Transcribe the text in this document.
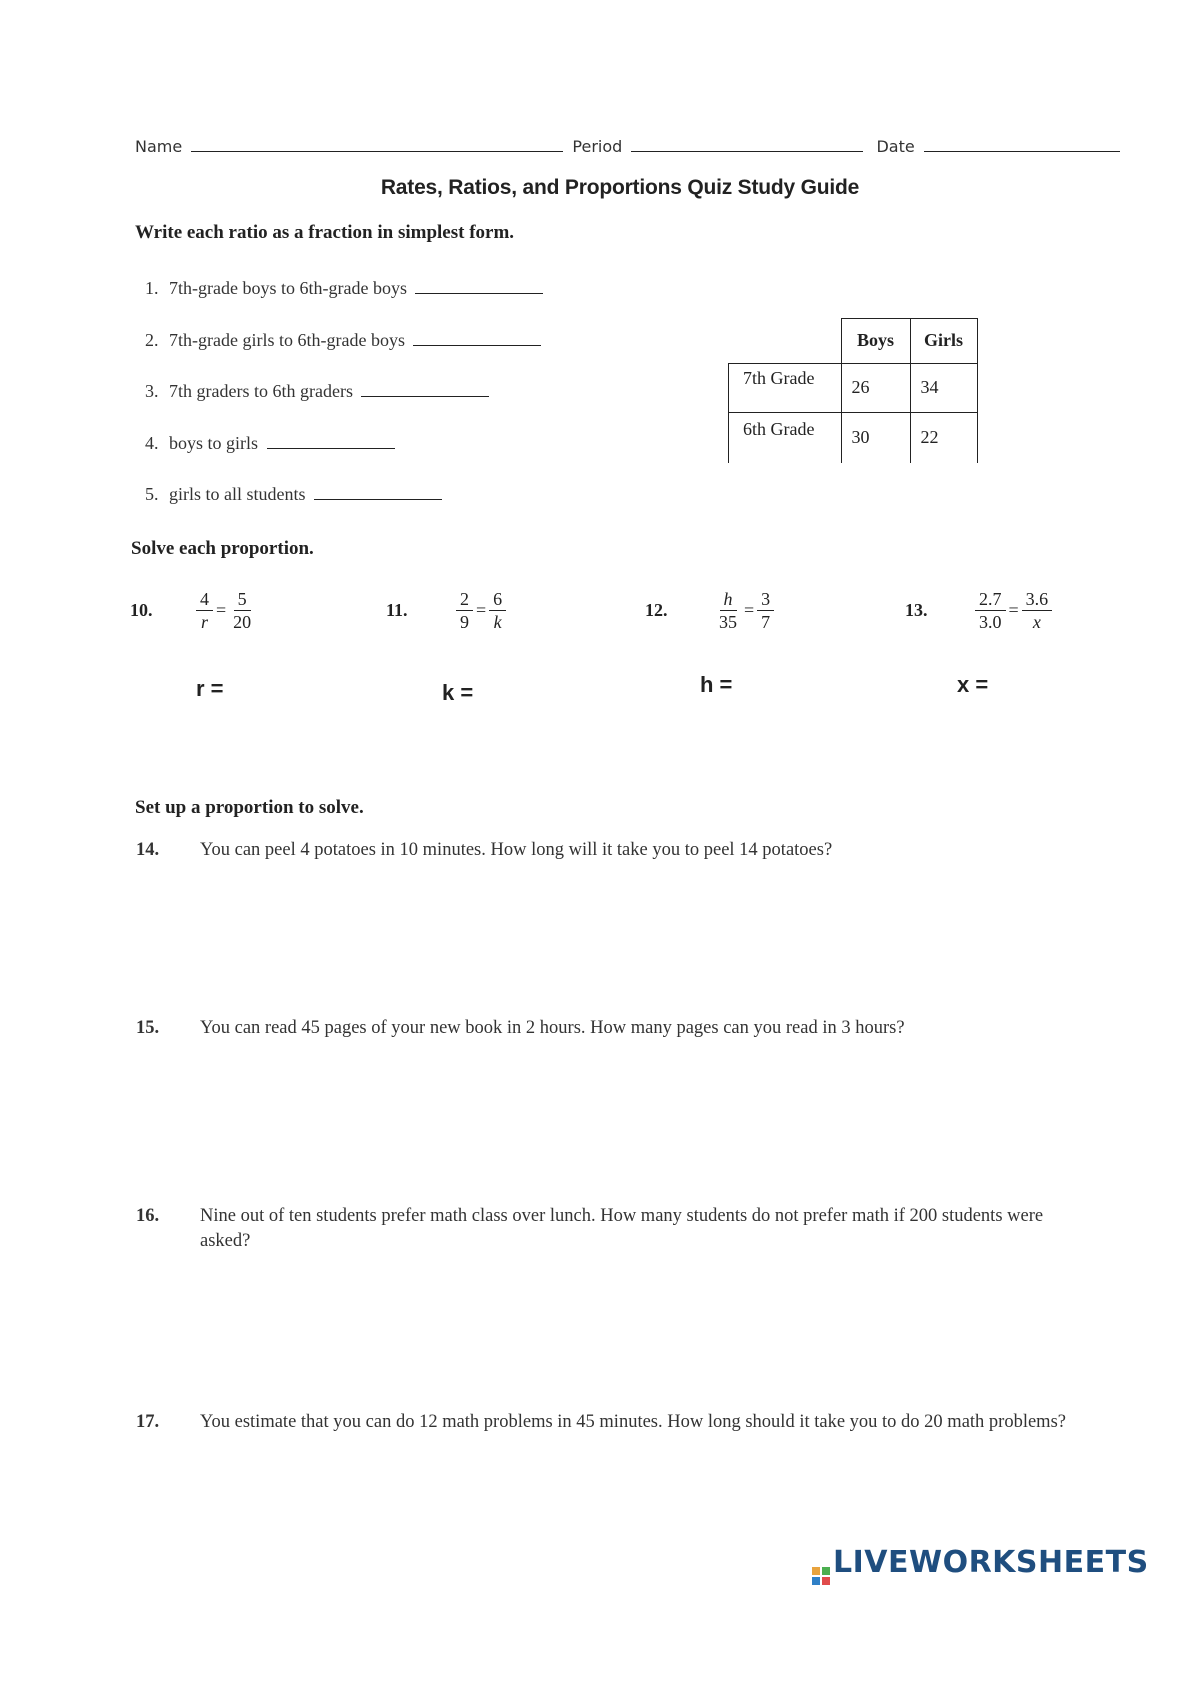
Name	Period	Date
Rates, Ratios, and Proportions Quiz Study Guide
Write each ratio as a fraction in simplest form.
1. 7th-grade boys to 6th-grade boys
2. 7th-grade girls to 6th-grade boys
3. 7th graders to 6th graders
4. boys to girls
5. girls to all students
	Boys	Girls
7th Grade	26	34
6th Grade	30	22
Solve each proportion.
10. $\frac{4}{r} = \frac{5}{20}$	11.	$\frac{2}{9} = \frac{6}{k}$	12.	$\frac{h}{35} = \frac{3}{7}$	13.	$\frac{2.7}{3.0} = \frac{3.6}{x}$
r =	k =	h =	x =
Set up a proportion to solve.
14. You can peel 4 potatoes in 10 minutes. How long will it take you to peel 14 potatoes?
15. You can read 45 pages of your new book in 2 hours. How many pages can you read in 3 hours?
16. Nine out of ten students prefer math class over lunch. How many students do not prefer math if 200 students were asked?
17. You estimate that you can do 12 math problems in 45 minutes. How long should it take you to do 20 math problems?
LIVEWORKSHEETS
